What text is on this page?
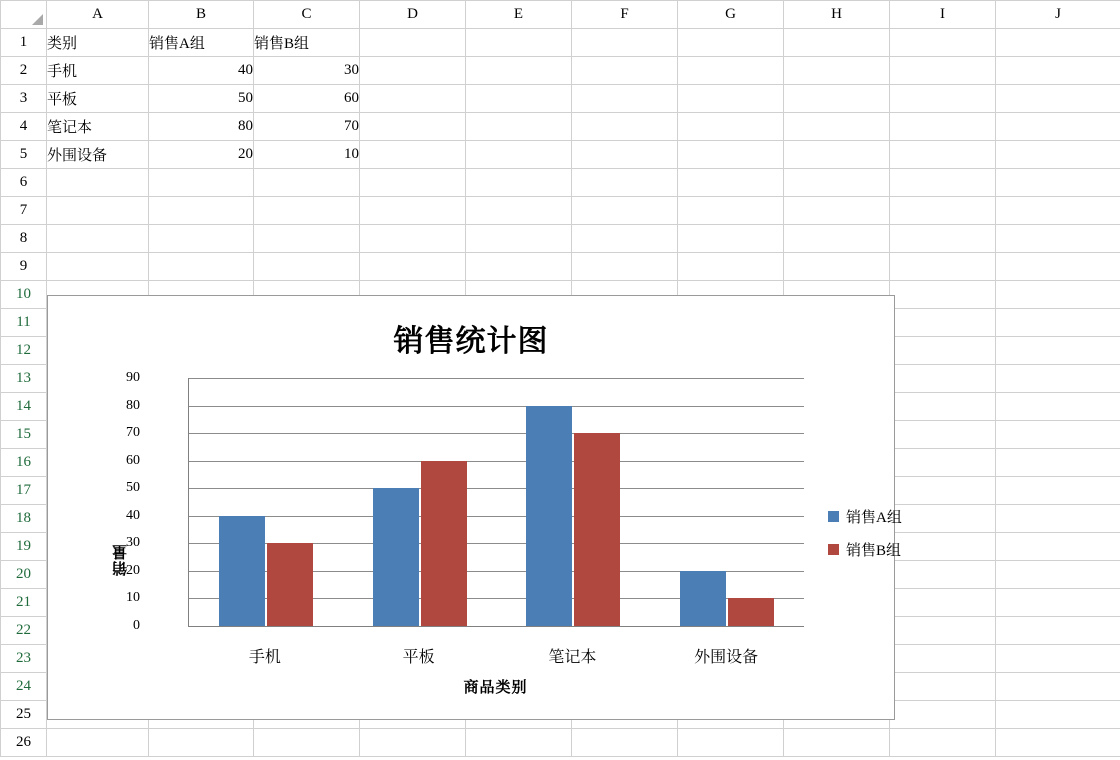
	A	B	C	D	E	F	G	H	I	J
1	类别	销售A组	销售B组							
2	手机	40	30							
3	平板	50	60							
4	笔记本	80	70							
5	外围设备	20	10							
6										
7										
8										
9										
10										
11										
12										
13										
14										
15										
16										
17										
18										
19										
20										
21										
22										
23										
24										
25										
26										
销售统计图
销量
0
10
20
30
40
50
60
70
80
90
手机	平板	笔记本	外围设备
商品类别
销售A组
销售B组
